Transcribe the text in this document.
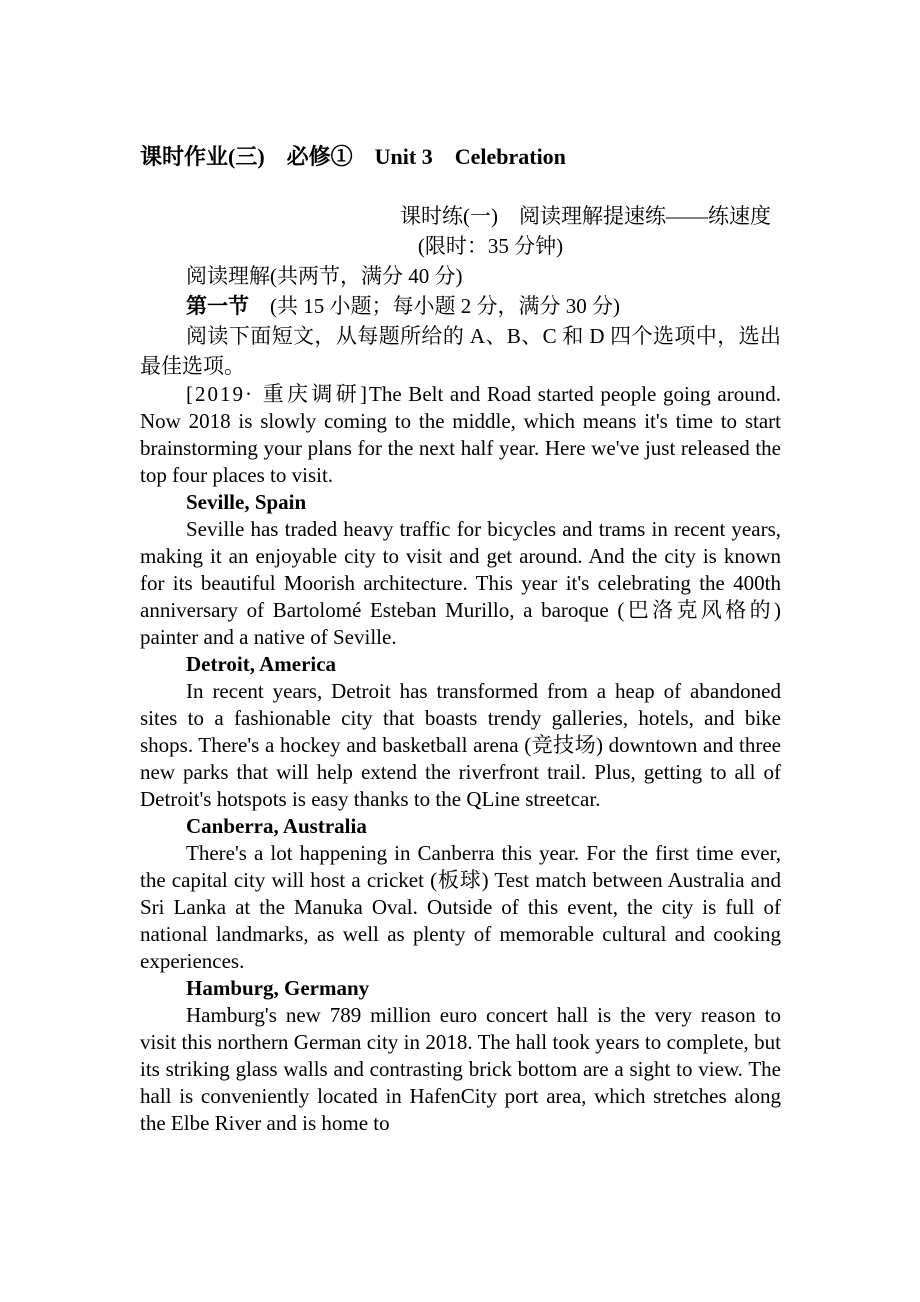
课时作业(三)　必修①　Unit 3　Celebration
课时练(一)　阅读理解提速练——练速度
(限时：35 分钟)
阅读理解(共两节，满分 40 分)
第一节　(共 15 小题；每小题 2 分，满分 30 分)

阅读下面短文，从每题所给的 A、B、C 和 D 四个选项中，选出最佳选项。

[2019· 重庆调研]The Belt and Road started people going around. Now 2018 is slowly coming to the middle, which means it's time to start brainstorming your plans for the next half year. Here we've just released the top four places to visit.

Seville, Spain

Seville has traded heavy traffic for bicycles and trams in recent years, making it an enjoyable city to visit and get around. And the city is known for its beautiful Moorish architecture. This year it's celebrating the 400th anniversary of Bartolomé Esteban Murillo, a baroque (巴洛克风格的) painter and a native of Seville.

Detroit, America

In recent years, Detroit has transformed from a heap of abandoned sites to a fashionable city that boasts trendy galleries, hotels, and bike shops. There's a hockey and basketball arena (竞技场) downtown and three new parks that will help extend the riverfront trail. Plus, getting to all of Detroit's hotspots is easy thanks to the QLine streetcar.

Canberra, Australia

There's a lot happening in Canberra this year. For the first time ever, the capital city will host a cricket (板球) Test match between Australia and Sri Lanka at the Manuka Oval. Outside of this event, the city is full of national landmarks, as well as plenty of memorable cultural and cooking experiences.

Hamburg, Germany

Hamburg's new 789 million euro concert hall is the very reason to visit this northern German city in 2018. The hall took years to complete, but its striking glass walls and contrasting brick bottom are a sight to view. The hall is conveniently located in HafenCity port area, which stretches along the Elbe River and is home to
